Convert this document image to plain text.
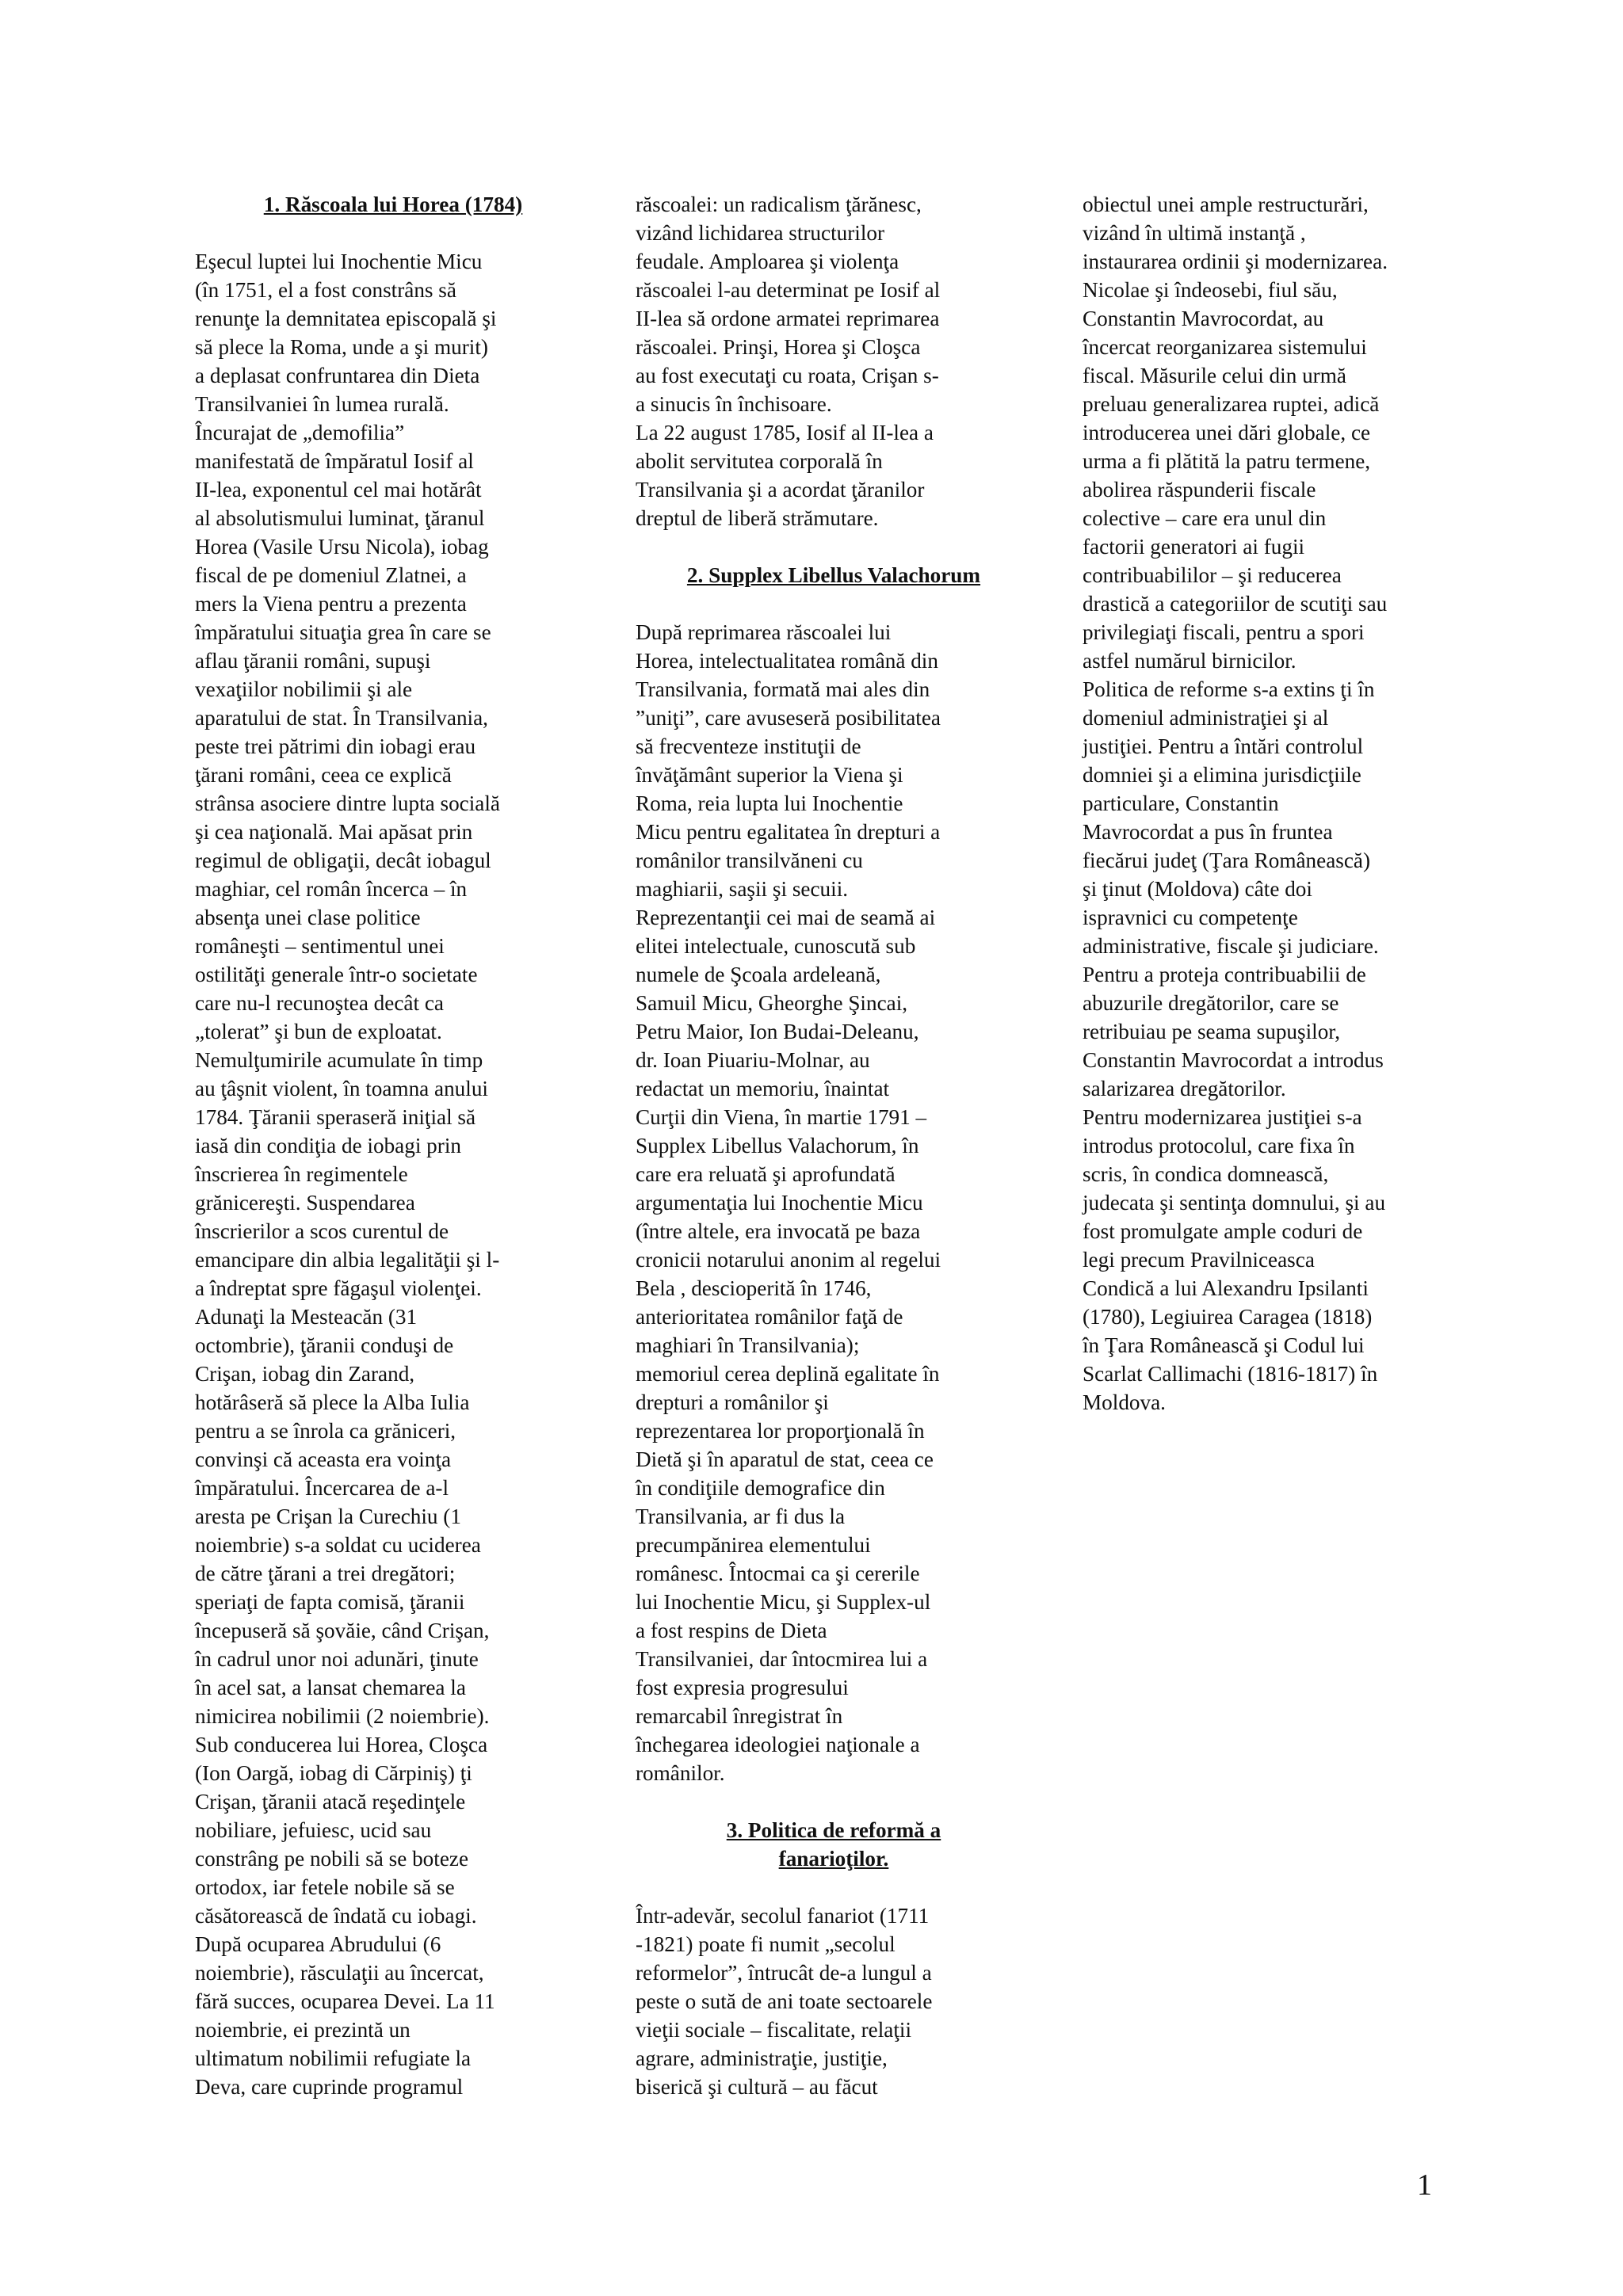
1. Răscoala lui Horea (1784)
Eşecul luptei lui Inochentie Micu
(în 1751, el a fost constrâns să
renunţe la demnitatea episcopală şi
să plece la Roma, unde a şi murit)
a deplasat confruntarea din Dieta
Transilvaniei în lumea rurală.
Încurajat de „demofilia”
manifestată de împăratul Iosif al
II-lea, exponentul cel mai hotărât
al absolutismului luminat, ţăranul
Horea (Vasile Ursu Nicola), iobag
fiscal de pe domeniul Zlatnei, a
mers la Viena pentru a prezenta
împăratului situaţia grea în care se
aflau ţăranii români, supuşi
vexaţiilor nobilimii şi ale
aparatului de stat. În Transilvania,
peste trei pătrimi din iobagi erau
ţărani români, ceea ce explică
strânsa asociere dintre lupta socială
şi cea naţională. Mai apăsat prin
regimul de obligaţii, decât iobagul
maghiar, cel român încerca – în
absenţa unei clase politice
româneşti – sentimentul unei
ostilităţi generale într-o societate
care nu-l recunoştea decât ca
„tolerat” şi bun de exploatat.
Nemulţumirile acumulate în timp
au ţâşnit violent, în toamna anului
1784. Ţăranii speraseră iniţial să
iasă din condiţia de iobagi prin
înscrierea în regimentele
grănicereşti. Suspendarea
înscrierilor a scos curentul de
emancipare din albia legalităţii şi l-
a îndreptat spre făgaşul violenţei.
Adunaţi la Mesteacăn (31
octombrie), ţăranii conduşi de
Crişan, iobag din Zarand,
hotărâseră să plece la Alba Iulia
pentru a se înrola ca grăniceri,
convinşi că aceasta era voinţa
împăratului. Încercarea de a-l
aresta pe Crişan la Curechiu (1
noiembrie) s-a soldat cu uciderea
de către ţărani a trei dregători;
speriaţi de fapta comisă, ţăranii
începuseră să şovăie, când Crişan,
în cadrul unor noi adunări, ţinute
în acel sat, a lansat chemarea la
nimicirea nobilimii (2 noiembrie).
Sub conducerea lui Horea, Cloşca
(Ion Oargă, iobag di Cărpiniş) ţi
Crişan, ţăranii atacă reşedinţele
nobiliare, jefuiesc, ucid sau
constrâng pe nobili să se boteze
ortodox, iar fetele nobile să se
căsătorească de îndată cu iobagi.
După ocuparea Abrudului (6
noiembrie), răsculaţii au încercat,
fără succes, ocuparea Devei. La 11
noiembrie, ei prezintă un
ultimatum nobilimii refugiate la
Deva, care cuprinde programul
răscoalei: un radicalism ţărănesc,
vizând lichidarea structurilor
feudale. Amploarea şi violenţa
răscoalei l-au determinat pe Iosif al
II-lea să ordone armatei reprimarea
răscoalei. Prinşi, Horea şi Cloşca
au fost executaţi cu roata, Crişan s-
a sinucis în închisoare.
La 22 august 1785, Iosif al II-lea a
abolit servitutea corporală în
Transilvania şi a acordat ţăranilor
dreptul de liberă strămutare.
2. Supplex Libellus Valachorum
După reprimarea răscoalei lui
Horea, intelectualitatea română din
Transilvania, formată mai ales din
”uniţi”, care avuseseră posibilitatea
să frecventeze instituţii de
învăţământ superior la Viena şi
Roma, reia lupta lui Inochentie
Micu pentru egalitatea în drepturi a
românilor transilvăneni cu
maghiarii, saşii şi secuii.
Reprezentanţii cei mai de seamă ai
elitei intelectuale, cunoscută sub
numele de Şcoala ardeleană,
Samuil Micu, Gheorghe Şincai,
Petru Maior, Ion Budai-Deleanu,
dr. Ioan Piuariu-Molnar, au
redactat un memoriu, înaintat
Curţii din Viena, în martie 1791 –
Supplex Libellus Valachorum, în
care era reluată şi aprofundată
argumentaţia lui Inochentie Micu
(între altele, era invocată pe baza
cronicii notarului anonim al regelui
Bela , descioperită în 1746,
anterioritatea românilor faţă de
maghiari în Transilvania);
memoriul cerea deplină egalitate în
drepturi a românilor şi
reprezentarea lor proporţională în
Dietă şi în aparatul de stat, ceea ce
în condiţiile demografice din
Transilvania, ar fi dus la
precumpănirea elementului
românesc. Întocmai ca şi cererile
lui Inochentie Micu, şi Supplex-ul
a fost respins de Dieta
Transilvaniei, dar întocmirea lui a
fost expresia progresului
remarcabil înregistrat în
închegarea ideologiei naţionale a
românilor.
3. Politica de reformă a
fanarioţilor.
Într-adevăr, secolul fanariot (1711
-1821) poate fi numit „secolul
reformelor”, întrucât de-a lungul a
peste o sută de ani toate sectoarele
vieţii sociale – fiscalitate, relaţii
agrare, administraţie, justiţie,
biserică şi cultură – au făcut
obiectul unei ample restructurări,
vizând în ultimă instanţă ,
instaurarea ordinii şi modernizarea.
Nicolae şi îndeosebi, fiul său,
Constantin Mavrocordat, au
încercat reorganizarea sistemului
fiscal. Măsurile celui din urmă
preluau generalizarea ruptei, adică
introducerea unei dări globale, ce
urma a fi plătită la patru termene,
abolirea răspunderii fiscale
colective – care era unul din
factorii generatori ai fugii
contribuabililor – şi reducerea
drastică a categoriilor de scutiţi sau
privilegiaţi fiscali, pentru a spori
astfel numărul birnicilor.
Politica de reforme s-a extins ţi în
domeniul administraţiei şi al
justiţiei. Pentru a întări controlul
domniei şi a elimina jurisdicţiile
particulare, Constantin
Mavrocordat a pus în fruntea
fiecărui judeţ (Ţara Românească)
şi ţinut (Moldova) câte doi
ispravnici cu competenţe
administrative, fiscale şi judiciare.
Pentru a proteja contribuabilii de
abuzurile dregătorilor, care se
retribuiau pe seama supuşilor,
Constantin Mavrocordat a introdus
salarizarea dregătorilor.
Pentru modernizarea justiţiei s-a
introdus protocolul, care fixa în
scris, în condica domnească,
judecata şi sentinţa domnului, şi au
fost promulgate ample coduri de
legi precum Pravilniceasca
Condică a lui Alexandru Ipsilanti
(1780), Legiuirea Caragea (1818)
în Ţara Românească şi Codul lui
Scarlat Callimachi (1816-1817) în
Moldova.
1
